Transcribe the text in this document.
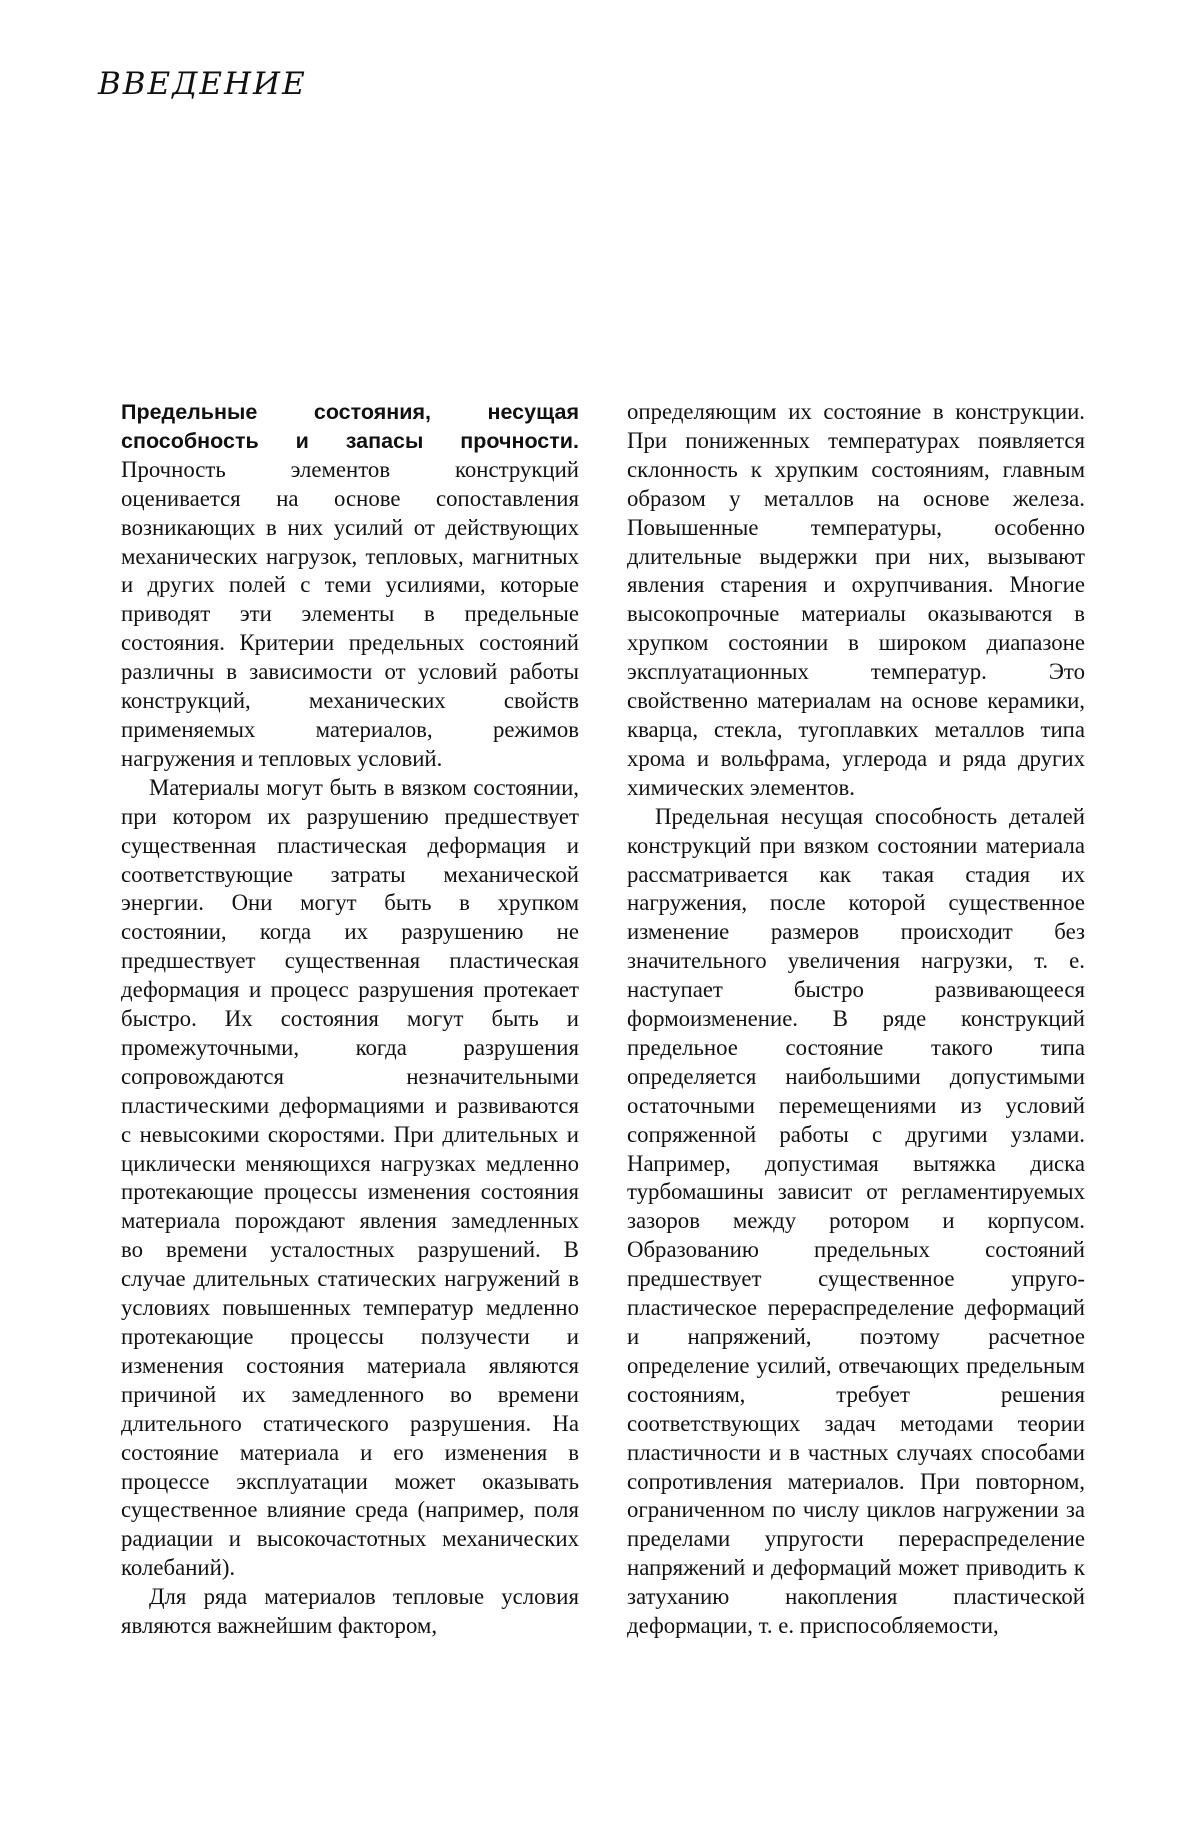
ВВЕДЕНИЕ

Предельные состояния, несущая способность и запасы прочности. Прочность элементов конструкций оценивается на основе сопоставления возникающих в них усилий от действующих механических нагрузок, тепловых, магнитных и других полей с теми усилиями, которые приводят эти элементы в предельные состояния. Критерии предельных состояний различны в зависимости от условий работы конструкций, механических свойств применяемых материалов, режимов нагружения и тепловых условий.

Материалы могут быть в вязком состоянии, при котором их разрушению предшествует существенная пластическая деформация и соответствующие затраты механической энергии. Они могут быть в хрупком состоянии, когда их разрушению не предшествует существенная пластическая деформация и процесс разрушения протекает быстро. Их состояния могут быть и промежуточными, когда разрушения сопровождаются незначительными пластическими деформациями и развиваются с невысокими скоростями. При длительных и циклически меняющихся нагрузках медленно протекающие процессы изменения состояния материала порождают явления замедленных во времени усталостных разрушений. В случае длительных статических нагружений в условиях повышенных температур медленно протекающие процессы ползучести и изменения состояния материала являются причиной их замедленного во времени длительного статического разрушения. На состояние материала и его изменения в процессе эксплуатации может оказывать существенное влияние среда (например, поля радиации и высокочастотных механических колебаний).

Для ряда материалов тепловые условия являются важнейшим фактором,

определяющим их состояние в конструкции. При пониженных температурах появляется склонность к хрупким состояниям, главным образом у металлов на основе железа. Повышенные температуры, особенно длительные выдержки при них, вызывают явления старения и охрупчивания. Многие высокопрочные материалы оказываются в хрупком состоянии в широком диапазоне эксплуатационных температур. Это свойственно материалам на основе керамики, кварца, стекла, тугоплавких металлов типа хрома и вольфрама, углерода и ряда других химических элементов.

Предельная несущая способность деталей конструкций при вязком состоянии материала рассматривается как такая стадия их нагружения, после которой существенное изменение размеров происходит без значительного увеличения нагрузки, т. е. наступает быстро развивающееся формоизменение. В ряде конструкций предельное состояние такого типа определяется наибольшими допустимыми остаточными перемещениями из условий сопряженной работы с другими узлами. Например, допустимая вытяжка диска турбомашины зависит от регламентируемых зазоров между ротором и корпусом. Образованию предельных состояний предшествует существенное упруго-пластическое перераспределение деформаций и напряжений, поэтому расчетное определение усилий, отвечающих предельным состояниям, требует решения соответствующих задач методами теории пластичности и в частных случаях способами сопротивления материалов. При повторном, ограниченном по числу циклов нагружении за пределами упругости перераспределение напряжений и деформаций может приводить к затуханию накопления пластической деформации, т. е. приспособляемости,
